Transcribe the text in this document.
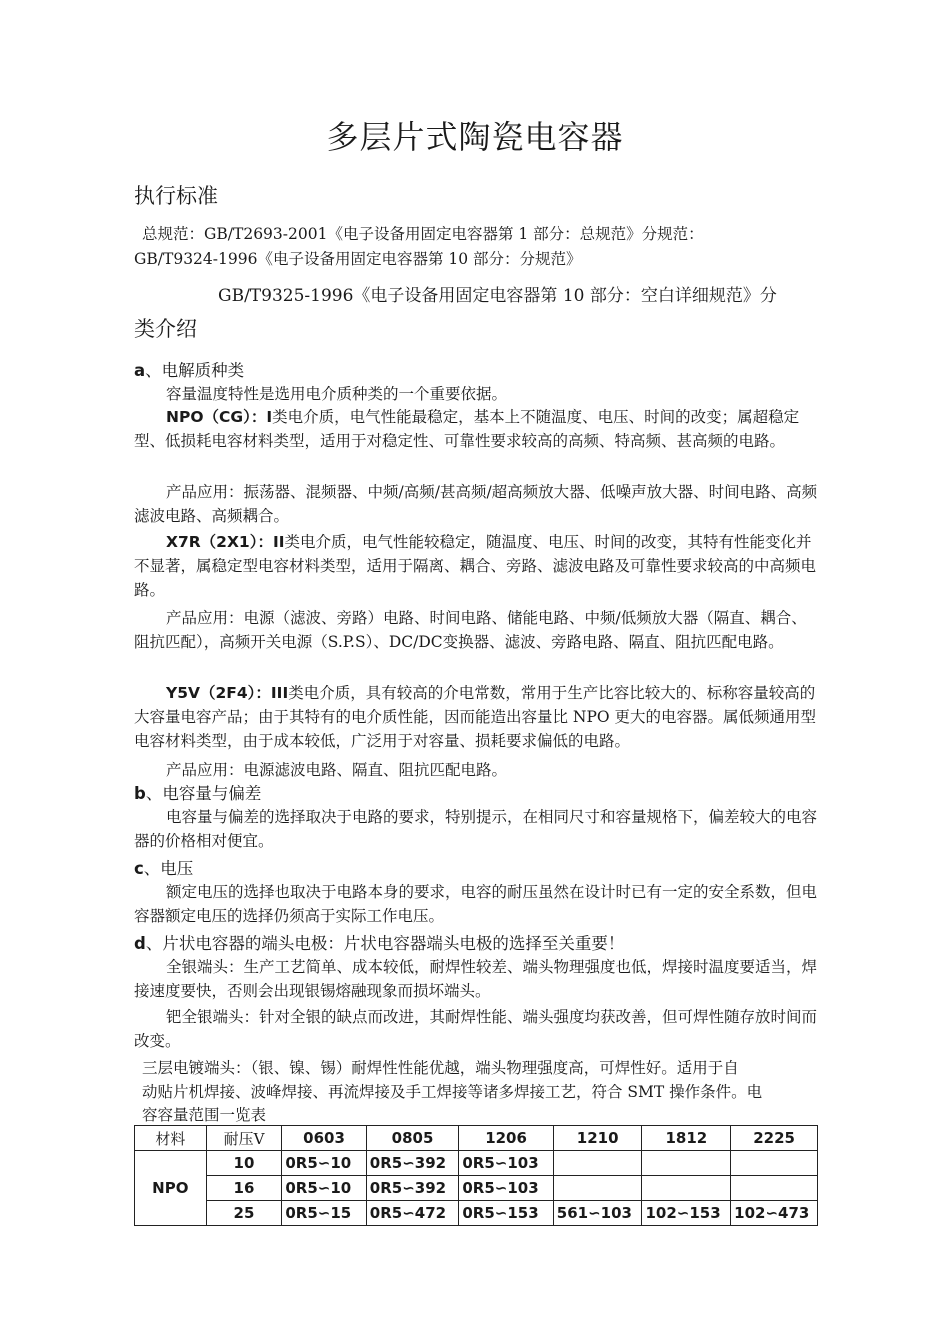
多层片式陶瓷电容器
执行标准
总规范：GB/T2693-2001《电子设备用固定电容器第 1 部分：总规范》分规范：
GB/T9324-1996《电子设备用固定电容器第 10 部分：分规范》
GB/T9325-1996《电子设备用固定电容器第 10 部分：空白详细规范》分
类介绍
a、电解质种类
容量温度特性是选用电介质种类的一个重要依据。
NPO（CG）：I类电介质，电气性能最稳定，基本上不随温度、电压、时间的改变；属超稳定型、低损耗电容材料类型，适用于对稳定性、可靠性要求较高的高频、特高频、甚高频的电路。
产品应用：振荡器、混频器、中频/高频/甚高频/超高频放大器、低噪声放大器、时间电路、高频滤波电路、高频耦合。
X7R（2X1）：II类电介质，电气性能较稳定，随温度、电压、时间的改变，其特有性能变化并不显著，属稳定型电容材料类型，适用于隔离、耦合、旁路、滤波电路及可靠性要求较高的中高频电路。
产品应用：电源（滤波、旁路）电路、时间电路、储能电路、中频/低频放大器（隔直、耦合、阻抗匹配），高频开关电源（S.P.S）、DC/DC变换器、滤波、旁路电路、隔直、阻抗匹配电路。
Y5V（2F4）：III类电介质，具有较高的介电常数，常用于生产比容比较大的、标称容量较高的大容量电容产品；由于其特有的电介质性能，因而能造出容量比 NPO 更大的电容器。属低频通用型电容材料类型，由于成本较低，广泛用于对容量、损耗要求偏低的电路。
产品应用：电源滤波电路、隔直、阻抗匹配电路。
b、电容量与偏差
电容量与偏差的选择取决于电路的要求，特别提示，在相同尺寸和容量规格下，偏差较大的电容器的价格相对便宜。
c、电压
额定电压的选择也取决于电路本身的要求，电容的耐压虽然在设计时已有一定的安全系数，但电容器额定电压的选择仍须高于实际工作电压。
d、片状电容器的端头电极：片状电容器端头电极的选择至关重要！
全银端头：生产工艺简单、成本较低，耐焊性较差、端头物理强度也低，焊接时温度要适当，焊接速度要快，否则会出现银锡熔融现象而损坏端头。
钯全银端头：针对全银的缺点而改进，其耐焊性能、端头强度均获改善，但可焊性随存放时间而改变。
三层电镀端头：（银、镍、锡）耐焊性性能优越，端头物理强度高，可焊性好。适用于自
动贴片机焊接、波峰焊接、再流焊接及手工焊接等诸多焊接工艺，符合 SMT 操作条件。电
容容量范围一览表
材料	耐压V	0603	0805	1206	1210	1812	2225
NPO	10	0R5∽10	0R5∽392	0R5∽103			
	16	0R5∽10	0R5∽392	0R5∽103			
	25	0R5∽15	0R5∽472	0R5∽153	561∽103	102∽153	102∽473
